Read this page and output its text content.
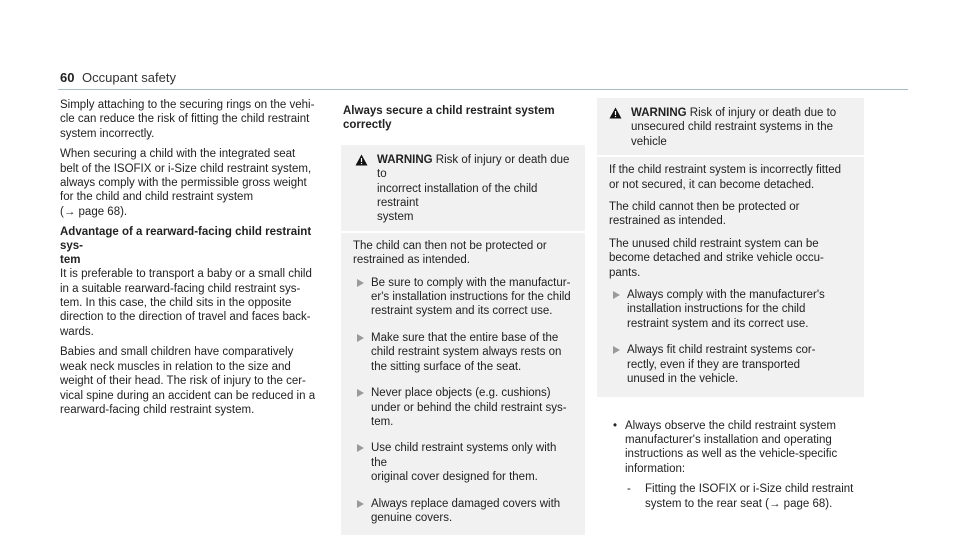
60 Occupant safety

Simply attaching to the securing rings on the vehi-
cle can reduce the risk of fitting the child restraint
system incorrectly.

When securing a child with the integrated seat
belt of the ISOFIX or i-Size child restraint system,
always comply with the permissible gross weight
for the child and child restraint system
(→ page 68).

Advantage of a rearward-facing child restraint sys-
tem

It is preferable to transport a baby or a small child
in a suitable rearward-facing child restraint sys-
tem. In this case, the child sits in the opposite
direction to the direction of travel and faces back-
wards.

Babies and small children have comparatively
weak neck muscles in relation to the size and
weight of their head. The risk of injury to the cer-
vical spine during an accident can be reduced in a
rearward-facing child restraint system.

Always secure a child restraint system correctly
WARNING Risk of injury or death due to
incorrect installation of the child restraint
system

The child can then not be protected or
restrained as intended.

Be sure to comply with the manufactur-
er's installation instructions for the child
restraint system and its correct use.
Make sure that the entire base of the
child restraint system always rests on
the sitting surface of the seat.
Never place objects (e.g. cushions)
under or behind the child restraint sys-
tem.
Use child restraint systems only with the
original cover designed for them.
Always replace damaged covers with
genuine covers.
WARNING Risk of injury or death due to
unsecured child restraint systems in the
vehicle

If the child restraint system is incorrectly fitted
or not secured, it can become detached.

The child cannot then be protected or
restrained as intended.

The unused child restraint system can be
become detached and strike vehicle occu-
pants.

Always comply with the manufacturer's
installation instructions for the child
restraint system and its correct use.
Always fit child restraint systems cor-
rectly, even if they are transported
unused in the vehicle.
• Always observe the child restraint system
manufacturer's installation and operating
instructions as well as the vehicle-specific
information:
-	Fitting the ISOFIX or i-Size child restraint
system to the rear seat (→ page 68).
